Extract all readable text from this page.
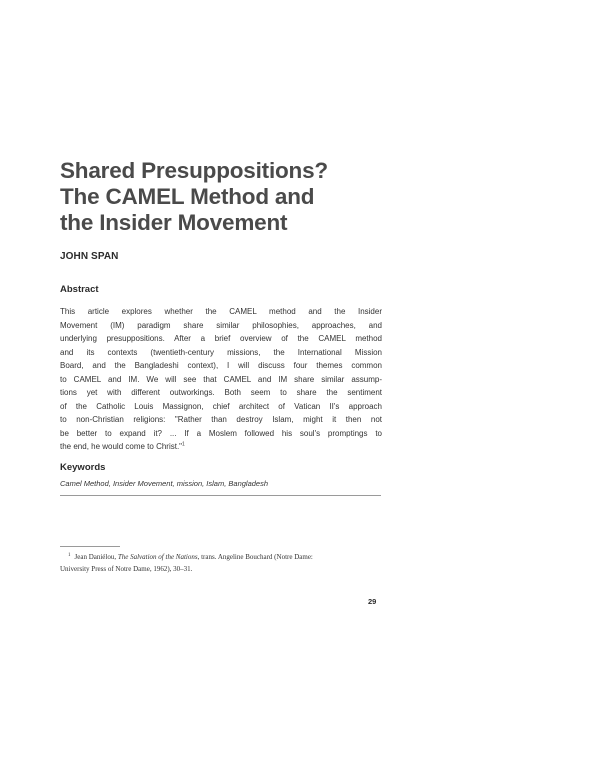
Shared Presuppositions?
The CAMEL Method and
the Insider Movement
JOHN SPAN
Abstract
This article explores whether the CAMEL method and the Insider
Movement (IM) paradigm share similar philosophies, approaches, and
underlying presuppositions. After a brief overview of the CAMEL method
and its contexts (twentieth-century missions, the International Mission
Board, and the Bangladeshi context), I will discuss four themes common
to CAMEL and IM. We will see that CAMEL and IM share similar assump-
tions yet with different outworkings. Both seem to share the sentiment
of the Catholic Louis Massignon, chief architect of Vatican II's approach
to non-Christian religions: "Rather than destroy Islam, might it then not
be better to expand it? ... If a Moslem followed his soul's promptings to
the end, he would come to Christ."$^1$
Keywords
Camel Method, Insider Movement, mission, Islam, Bangladesh
$^1$ Jean Daniélou, The Salvation of the Nations, trans. Angeline Bouchard (Notre Dame:
University Press of Notre Dame, 1962), 30–31.
29
